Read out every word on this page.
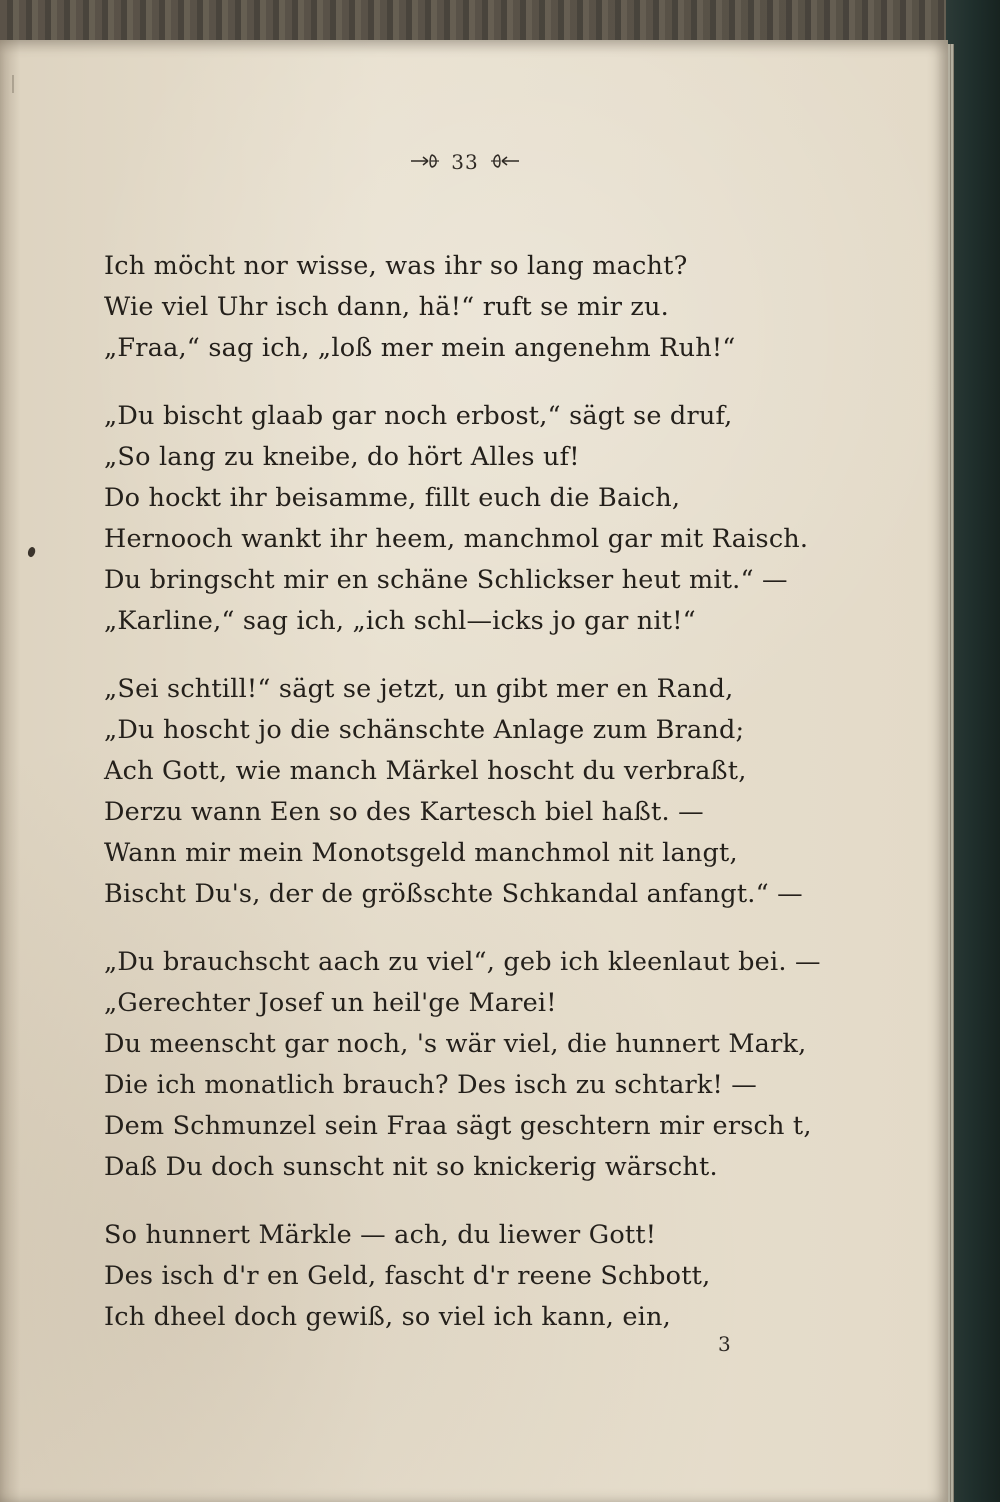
33
Ich möcht nor wisse, was ihr so lang macht?
Wie viel Uhr isch dann, hä!“ ruft se mir zu.
„Fraa,“ sag ich, „loß mer mein angenehm Ruh!“
„Du bischt glaab gar noch erbost,“ sägt se druf,
„So lang zu kneibe, do hört Alles uf!
Do hockt ihr beisamme, fillt euch die Baich,
Hernooch wankt ihr heem, manchmol gar mit Raisch.
Du bringscht mir en schäne Schlickser heut mit.“ —
„Karline,“ sag ich, „ich schl—icks jo gar nit!“
„Sei schtill!“ sägt se jetzt, un gibt mer en Rand,
„Du hoscht jo die schänschte Anlage zum Brand;
Ach Gott, wie manch Märkel hoscht du verbraßt,
Derzu wann Een so des Kartesch biel haßt. —
Wann mir mein Monotsgeld manchmol nit langt,
Bischt Du's, der de größschte Schkandal anfangt.“ —
„Du brauchscht aach zu viel“, geb ich kleenlaut bei. —
„Gerechter Josef un heil'ge Marei!
Du meenscht gar noch, 's wär viel, die hunnert Mark,
Die ich monatlich brauch? Des isch zu schtark! —
Dem Schmunzel sein Fraa sägt geschtern mir ersch t,
Daß Du doch sunscht nit so knickerig wärscht.
So hunnert Märkle — ach, du liewer Gott!
Des isch d'r en Geld, fascht d'r reene Schbott,
Ich dheel doch gewiß, so viel ich kann, ein,
3
